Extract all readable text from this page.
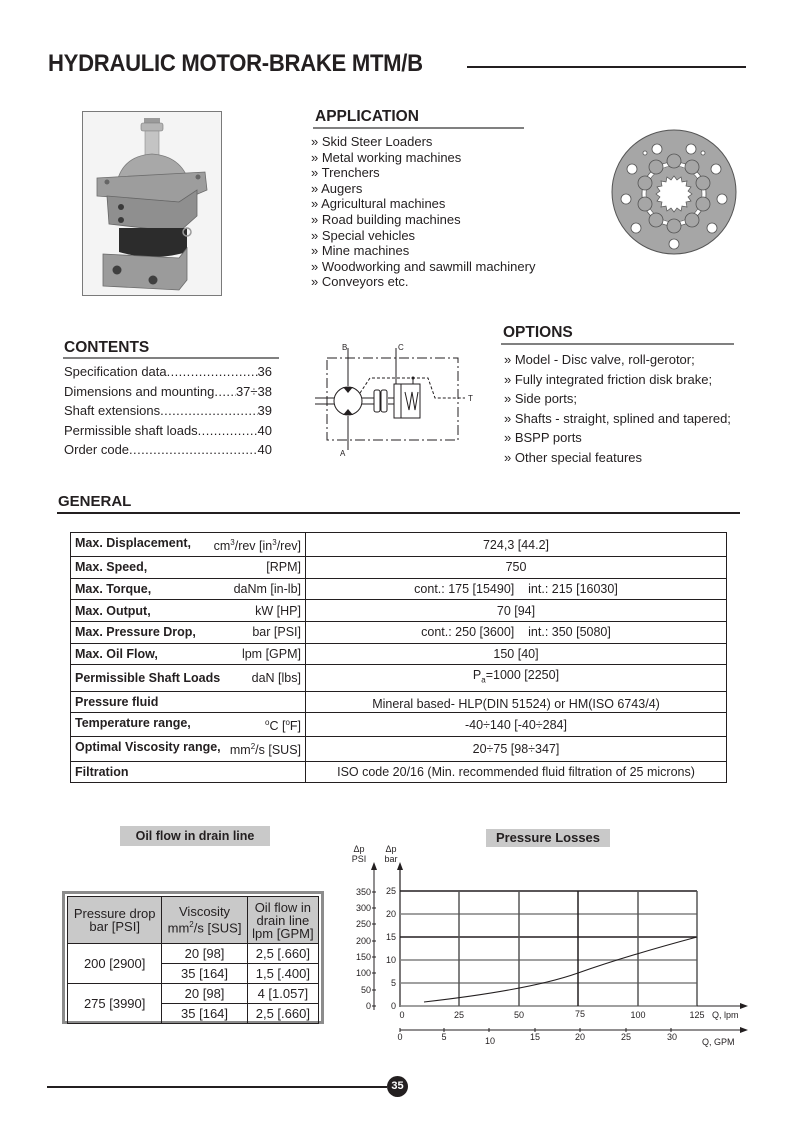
HYDRAULIC MOTOR-BRAKE MTM/B
APPLICATION
» Skid Steer Loaders
» Metal working machines
» Trenchers
» Augers
» Agricultural machines
» Road building machines
» Special vehicles
» Mine machines
» Woodworking and sawmill machinery
» Conveyors etc.
CONTENTS
Specification data .....	36
Dimensions and mounting ..... 37÷38
Shaft extensions .....	39
Permissible shaft loads .....	40
Order code .....	40
B	C
A
T
OPTIONS
» Model - Disc valve, roll-gerotor;
» Fully integrated friction disk brake;
» Side ports;
» Shafts - straight, splined and tapered;
» BSPP ports
» Other special features
GENERAL
Max. Displacement, $cm^3$/rev $[in^3/rev]$	724,3 [44.2]

Max. Speed, [RPM]	750

Max. Torque, daNm [in-lb]	cont.: 175 [15490]    int.: 215 [16030]

Max. Output, kW [HP]	70 [94]

Max. Pressure Drop, bar [PSI]	cont.: 250 [3600]    int.: 350 [5080]

Max. Oil Flow, lpm [GPM]	150 [40]

Permissible Shaft Loads daN [lbs]	$P_a=1000$ [2250]

Pressure fluid	Mineral based- HLP(DIN 51524) or HM(ISO 6743/4)

Temperature range, $^o$C [$^o$F]	-40÷140 [-40÷284]

Optimal Viscosity range, $mm^2/s$ [SUS]	20÷75 [98÷347]

Filtration	ISO code 20/16 (Min. recommended fluid filtration of 25 microns)
Oil flow in drain line
Pressure drop
bar [PSI]	Viscosity
$mm^2/s$ [SUS]	Oil flow in
drain line
lpm [GPM]
200 [2900]	20 [98]	2,5 [.660]
	35 [164]	1,5 [.400]
275 [3990]	20 [98]	4 [1.057]
	35 [164]	2,5 [.660]
Pressure Losses
Δp
PSI
Δp
bar
350
300
250
200
150
100
50
0
25
20
15
10
5
0
0	25	50	75	100	125 Q, lpm
0	5	10	15	20	25	30	Q, GPM
35
